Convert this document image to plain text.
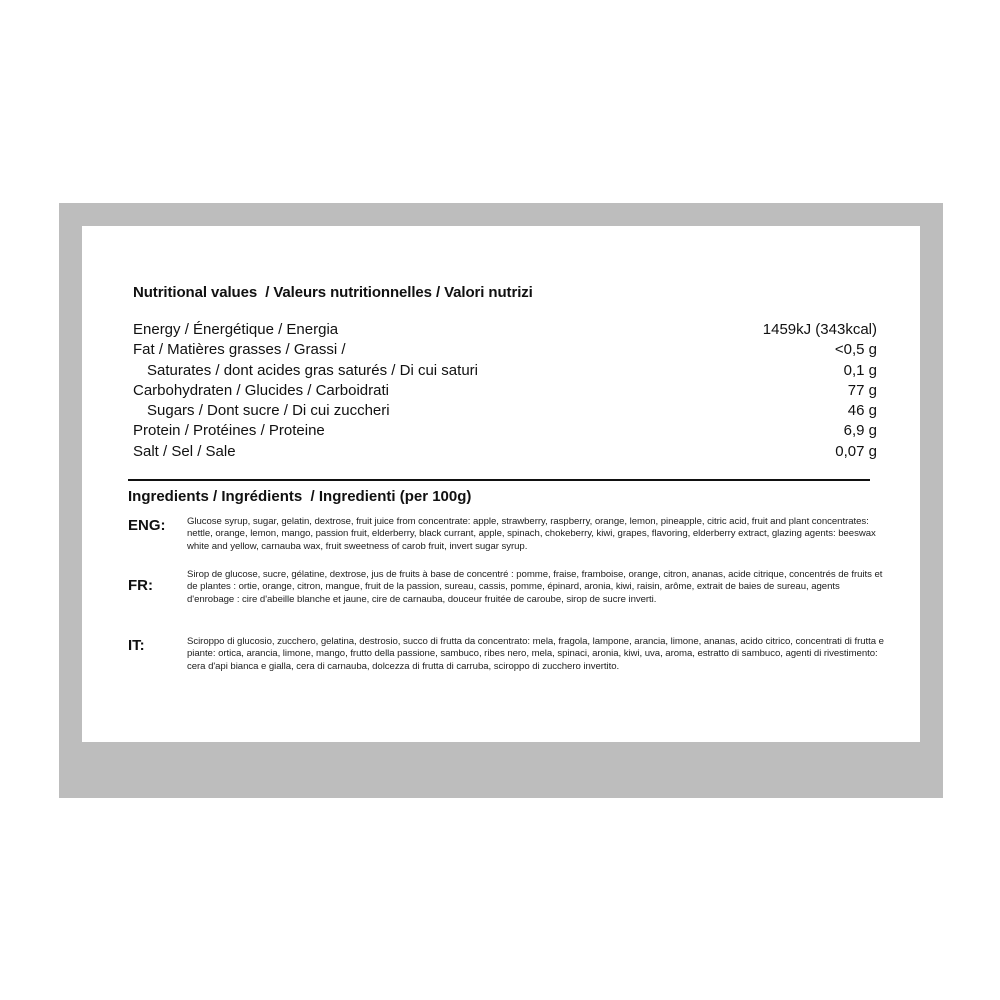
Nutritional values  / Valeurs nutritionnelles / Valori nutrizi
Energy / Énergétique / Energia	1459kJ (343kcal)
Fat / Matières grasses / Grassi /	<0,5 g
Saturates / dont acides gras saturés / Di cui saturi	0,1 g
Carbohydraten / Glucides / Carboidrati	77 g
Sugars / Dont sucre / Di cui zuccheri	46 g
Protein / Protéines / Proteine	6,9 g
Salt / Sel / Sale	0,07 g
Ingredients / Ingrédients  / Ingredienti (per 100g)
ENG: Glucose syrup, sugar, gelatin, dextrose, fruit juice from concentrate: apple, strawberry, raspberry, orange, lemon, pineapple, citric acid, fruit and plant concentrates: nettle, orange, lemon, mango, passion fruit, elderberry, black currant, apple, spinach, chokeberry, kiwi, grapes, flavoring, elderberry extract, glazing agents: beeswax white and yellow, carnauba wax, fruit sweetness of carob fruit, invert sugar syrup.
FR:
Sirop de glucose, sucre, gélatine, dextrose, jus de fruits à base de concentré : pomme, fraise, framboise, orange, citron, ananas, acide citrique, concentrés de fruits et de plantes : ortie, orange, citron, mangue, fruit de la passion, sureau, cassis, pomme, épinard, aronia, kiwi, raisin, arôme, extrait de baies de sureau, agents d'enrobage : cire d'abeille blanche et jaune, cire de carnauba, douceur fruitée de caroube, sirop de sucre inverti.
IT:	Sciroppo di glucosio, zucchero, gelatina, destrosio, succo di frutta da concentrato: mela, fragola, lampone, arancia, limone, ananas, acido citrico, concentrati di frutta e piante: ortica, arancia, limone, mango, frutto della passione, sambuco, ribes nero, mela, spinaci, aronia, kiwi, uva, aroma, estratto di sambuco, agenti di rivestimento: cera d'api bianca e gialla, cera di carnauba, dolcezza di frutta di carruba, sciroppo di zucchero invertito.
